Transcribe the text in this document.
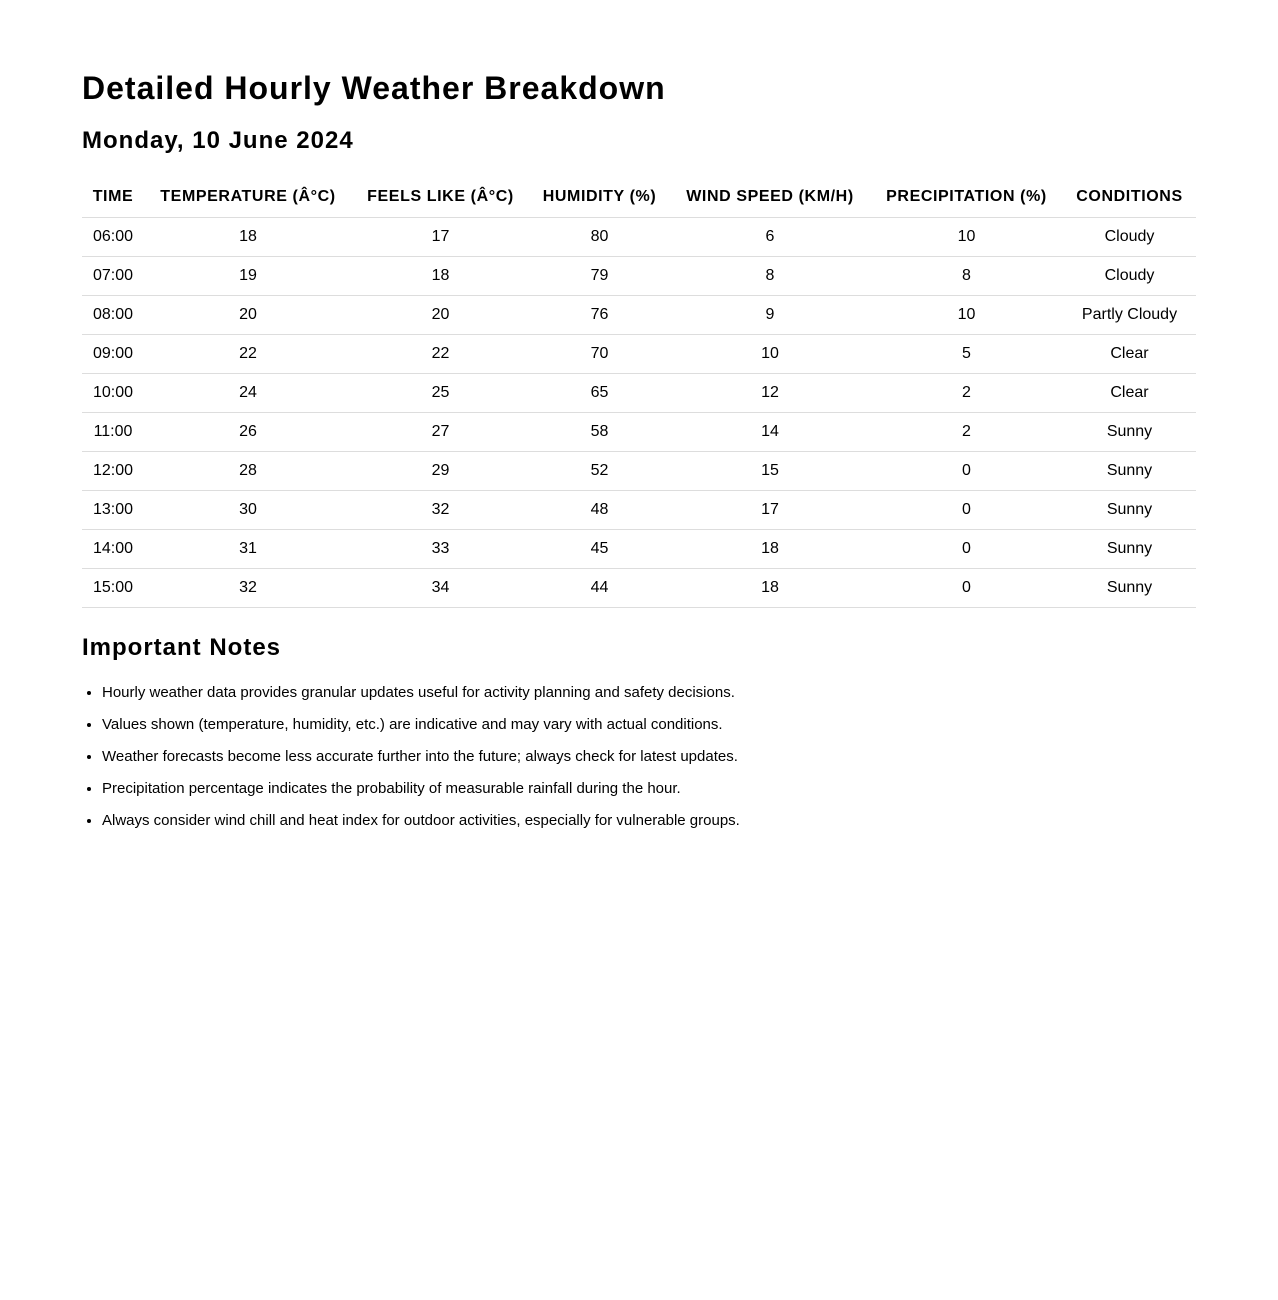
Detailed Hourly Weather Breakdown
Monday, 10 June 2024
TIME	TEMPERATURE (Â°C)	FEELS LIKE (Â°C)	HUMIDITY (%)	WIND SPEED (KM/H)	PRECIPITATION (%)	CONDITIONS
06:00	18	17	80	6	10	Cloudy
07:00	19	18	79	8	8	Cloudy
08:00	20	20	76	9	10	Partly Cloudy
09:00	22	22	70	10	5	Clear
10:00	24	25	65	12	2	Clear
11:00	26	27	58	14	2	Sunny
12:00	28	29	52	15	0	Sunny
13:00	30	32	48	17	0	Sunny
14:00	31	33	45	18	0	Sunny
15:00	32	34	44	18	0	Sunny
Important Notes
• Hourly weather data provides granular updates useful for activity planning and safety decisions.
• Values shown (temperature, humidity, etc.) are indicative and may vary with actual conditions.
• Weather forecasts become less accurate further into the future; always check for latest updates.
• Precipitation percentage indicates the probability of measurable rainfall during the hour.
• Always consider wind chill and heat index for outdoor activities, especially for vulnerable groups.
